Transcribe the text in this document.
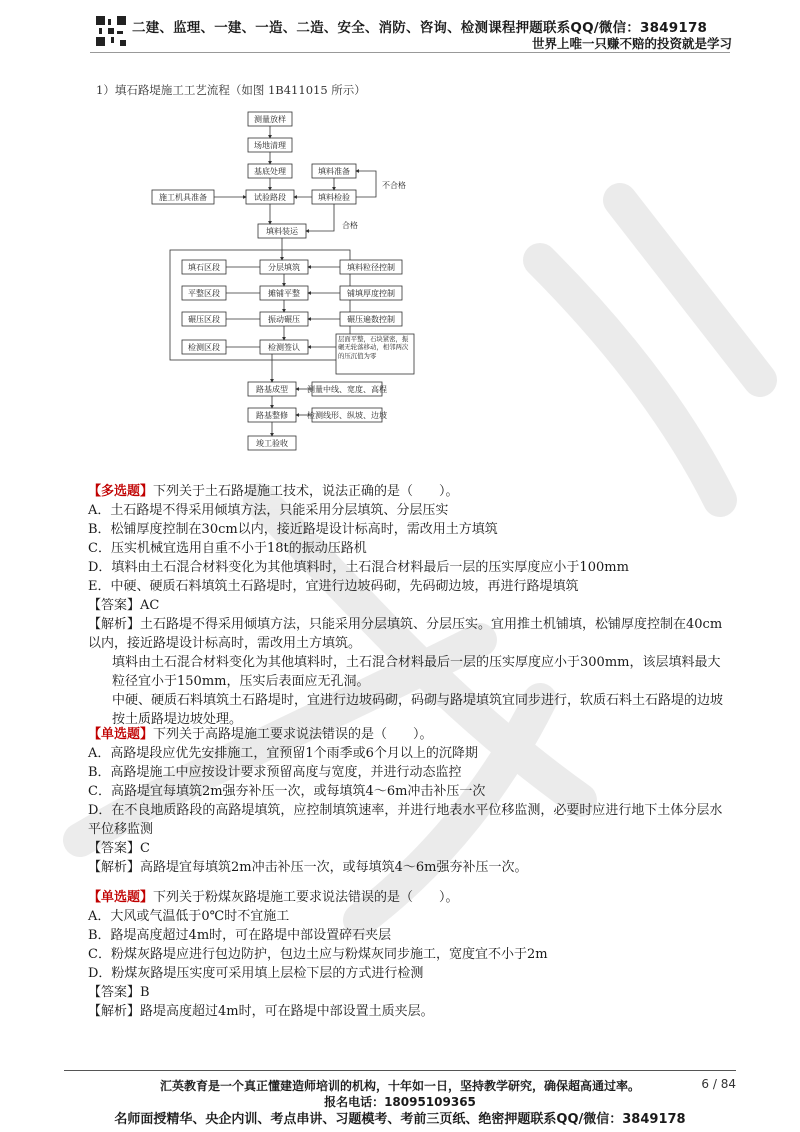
二建、监理、一建、一造、二造、安全、消防、咨询、检测课程押题联系QQ/微信：3849178
世界上唯一只赚不赔的投资就是学习
1）填石路堤施工工艺流程（如图 1B411015 所示）
测量放样
场地清理
基底处理
试验路段
施工机具准备
填料准备
填料检验
不合格
合格
填料装运
填石区段
平整区段
碾压区段
检测区段
分层填筑
摊铺平整
振动碾压
检测签认
填料粒径控制
铺填厚度控制
碾压遍数控制
路基成型
路基整修
竣工验收
测量中线、宽度、高程
检测线形、纵坡、边坡
层面平整，石块紧密，振碾无轮落移动，相邻两次的压沉值为零

【多选题】下列关于土石路堤施工技术，说法正确的是（　　）。

A．土石路堤不得采用倾填方法，只能采用分层填筑、分层压实

B．松铺厚度控制在30cm以内，接近路堤设计标高时，需改用土方填筑

C．压实机械宜选用自重不小于18t的振动压路机

D．填料由土石混合材料变化为其他填料时，土石混合材料最后一层的压实厚度应小于100mm

E．中硬、硬质石料填筑土石路堤时，宜进行边坡码砌，先码砌边坡，再进行路堤填筑

【答案】AC

【解析】土石路堤不得采用倾填方法，只能采用分层填筑、分层压实。宜用推土机铺填，松铺厚度控制在40cm以内，接近路堤设计标高时，需改用土方填筑。

填料由土石混合材料变化为其他填料时，土石混合材料最后一层的压实厚度应小于300mm，该层填料最大粒径宜小于150mm，压实后表面应无孔洞。

中硬、硬质石料填筑土石路堤时，宜进行边坡码砌，码砌与路堤填筑宜同步进行，软质石料土石路堤的边坡按土质路堤边坡处理。

【单选题】下列关于高路堤施工要求说法错误的是（　　）。

A．高路堤段应优先安排施工，宜预留1个雨季或6个月以上的沉降期

B．高路堤施工中应按设计要求预留高度与宽度，并进行动态监控

C．高路堤宜每填筑2m强夯补压一次，或每填筑4～6m冲击补压一次

D．在不良地质路段的高路堤填筑，应控制填筑速率，并进行地表水平位移监测，必要时应进行地下土体分层水平位移监测

【答案】C

【解析】高路堤宜每填筑2m冲击补压一次，或每填筑4～6m强夯补压一次。

【单选题】下列关于粉煤灰路堤施工要求说法错误的是（　　）。

A．大风或气温低于0℃时不宜施工

B．路堤高度超过4m时，可在路堤中部设置碎石夹层

C．粉煤灰路堤应进行包边防护，包边土应与粉煤灰同步施工，宽度宜不小于2m

D．粉煤灰路堤压实度可采用填上层检下层的方式进行检测

【答案】B

【解析】路堤高度超过4m时，可在路堤中部设置土质夹层。

汇英教育是一个真正懂建造师培训的机构，十年如一日，坚持教学研究，确保超高通过率。	6 / 84
报名电话：18095109365
名师面授精华、央企内训、考点串讲、习题模考、考前三页纸、绝密押题联系QQ/微信：3849178
